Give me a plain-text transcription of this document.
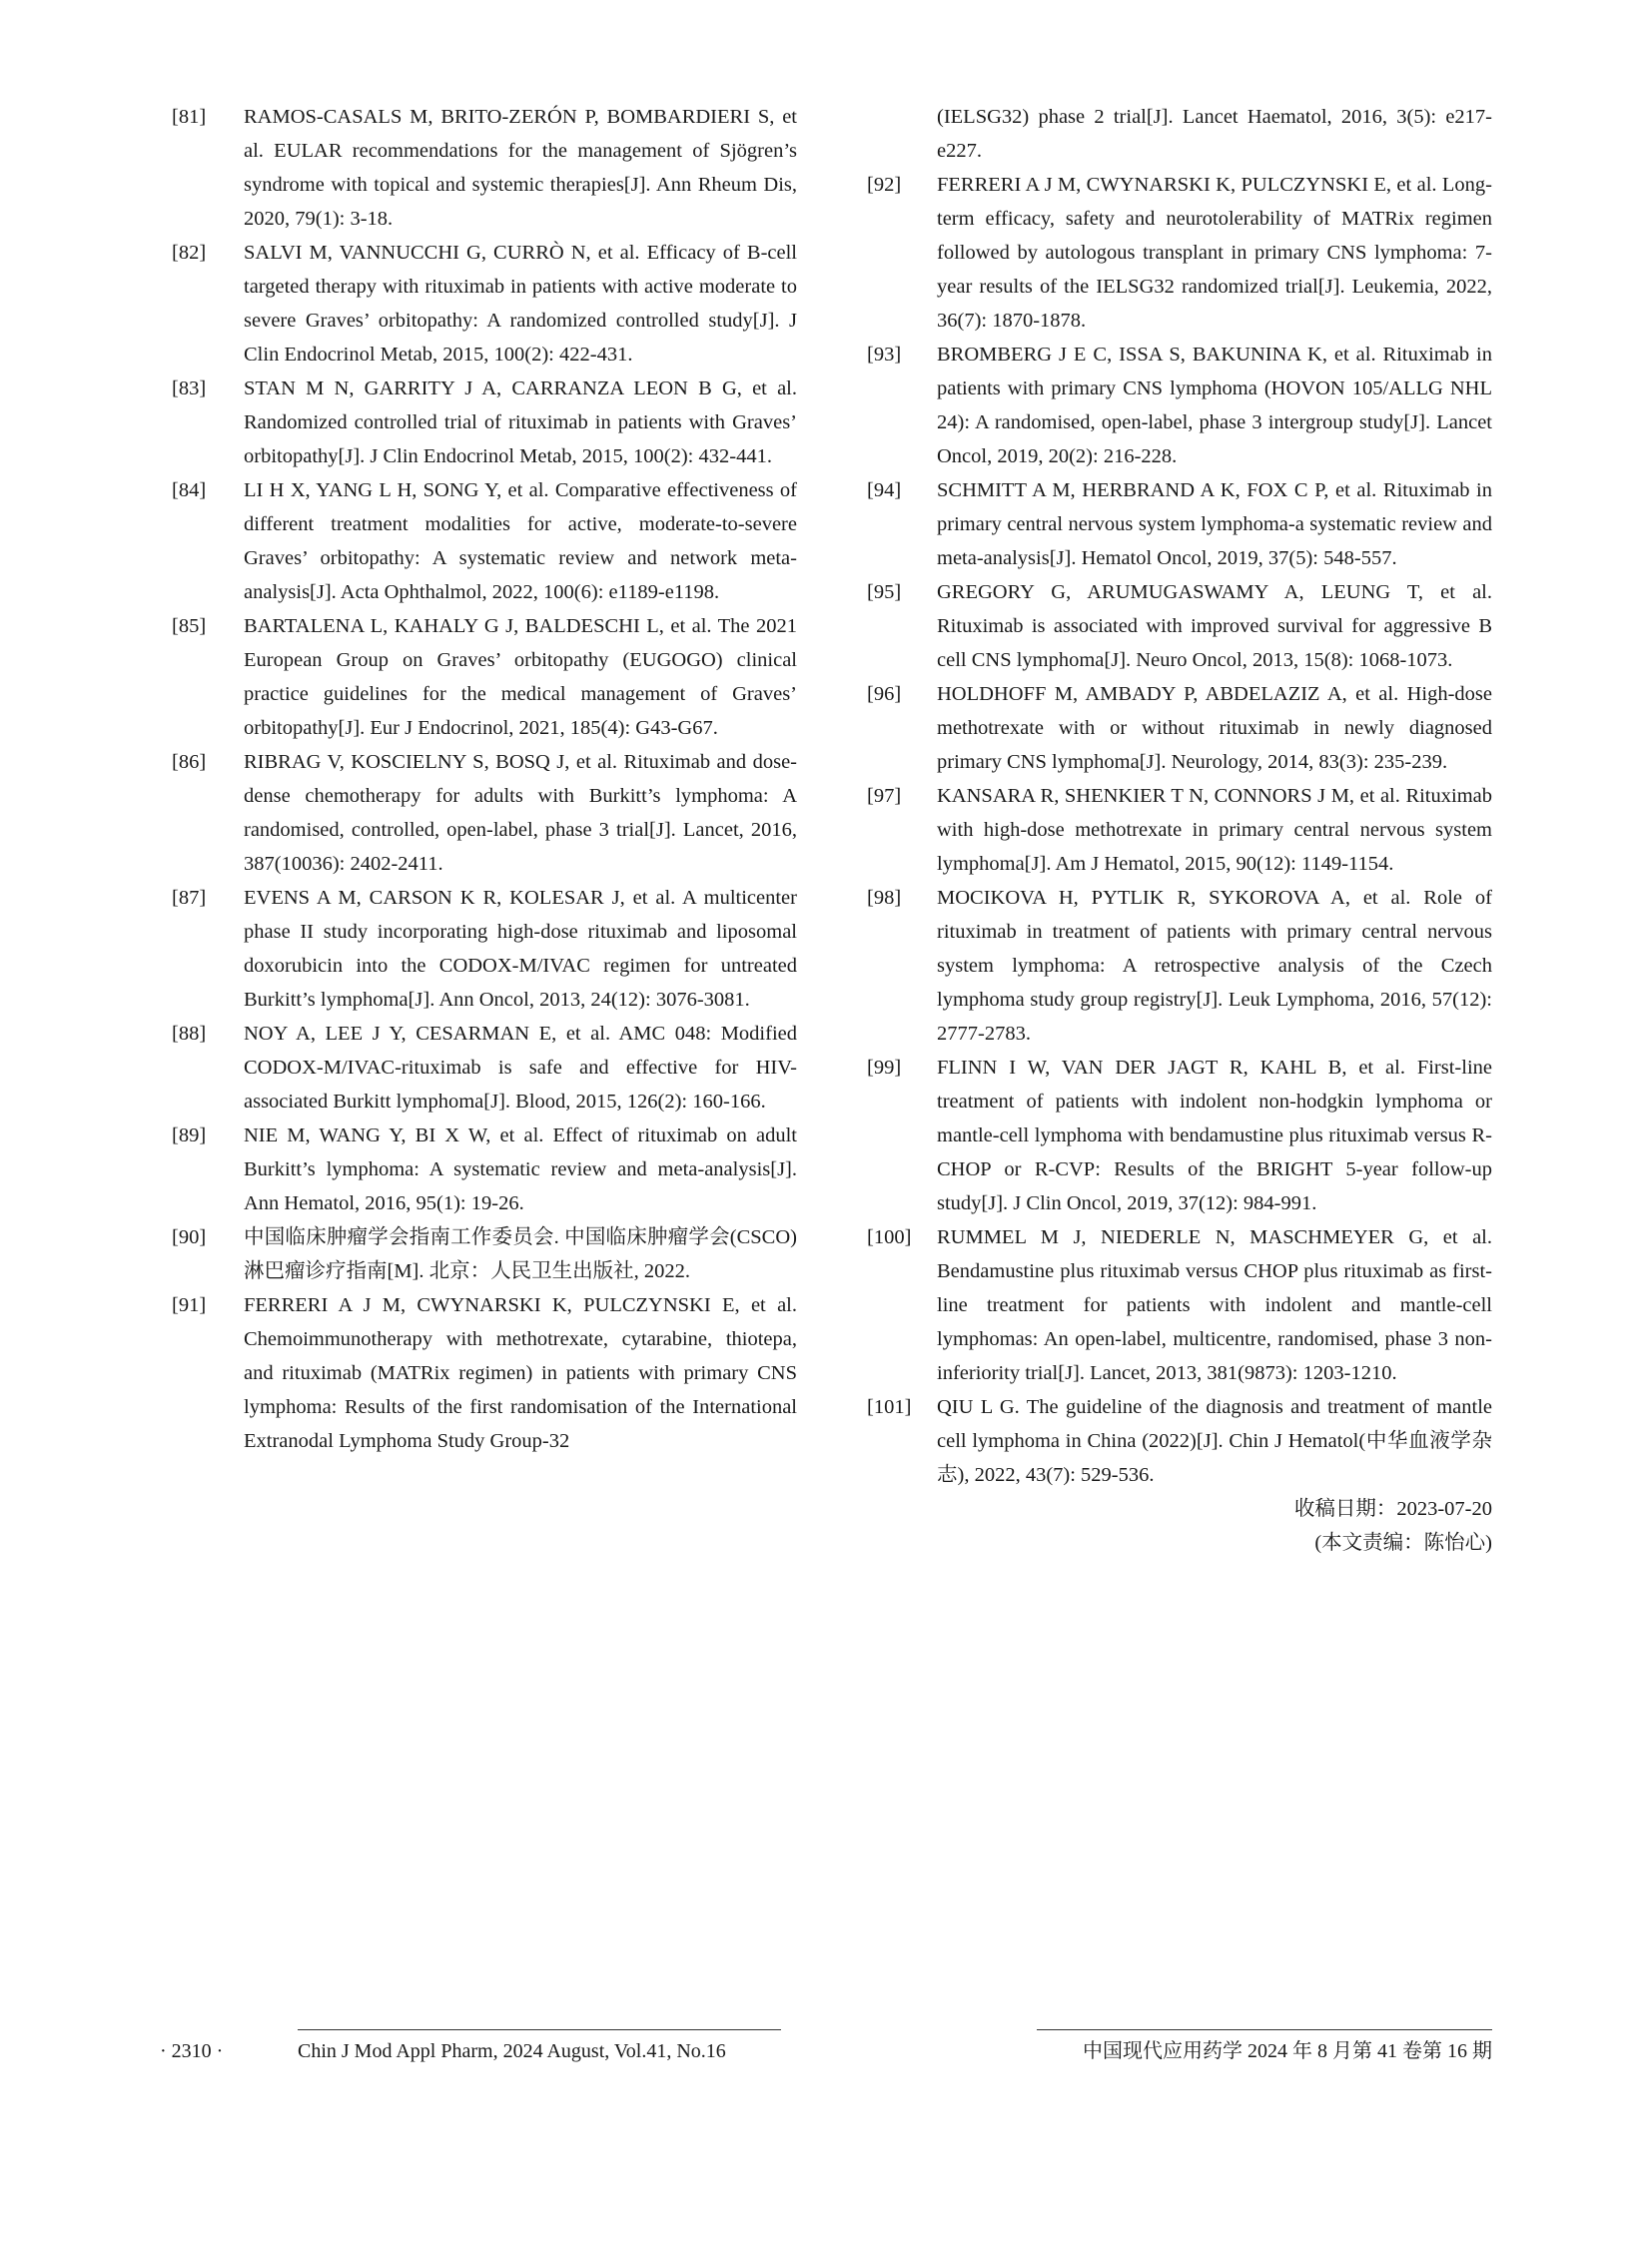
[81] RAMOS-CASALS M, BRITO-ZERÓN P, BOMBARDIERI S, et al. EULAR recommendations for the management of Sjögren’s syndrome with topical and systemic therapies[J]. Ann Rheum Dis, 2020, 79(1): 3-18.
[82] SALVI M, VANNUCCHI G, CURRÒ N, et al. Efficacy of B-cell targeted therapy with rituximab in patients with active moderate to severe Graves’ orbitopathy: A randomized controlled study[J]. J Clin Endocrinol Metab, 2015, 100(2): 422-431.
[83] STAN M N, GARRITY J A, CARRANZA LEON B G, et al. Randomized controlled trial of rituximab in patients with Graves’ orbitopathy[J]. J Clin Endocrinol Metab, 2015, 100(2): 432-441.
[84] LI H X, YANG L H, SONG Y, et al. Comparative effectiveness of different treatment modalities for active, moderate-to-severe Graves’ orbitopathy: A systematic review and network meta-analysis[J]. Acta Ophthalmol, 2022, 100(6): e1189-e1198.
[85] BARTALENA L, KAHALY G J, BALDESCHI L, et al. The 2021 European Group on Graves’ orbitopathy (EUGOGO) clinical practice guidelines for the medical management of Graves’ orbitopathy[J]. Eur J Endocrinol, 2021, 185(4): G43-G67.
[86] RIBRAG V, KOSCIELNY S, BOSQ J, et al. Rituximab and dose-dense chemotherapy for adults with Burkitt’s lymphoma: A randomised, controlled, open-label, phase 3 trial[J]. Lancet, 2016, 387(10036): 2402-2411.
[87] EVENS A M, CARSON K R, KOLESAR J, et al. A multicenter phase II study incorporating high-dose rituximab and liposomal doxorubicin into the CODOX-M/IVAC regimen for untreated Burkitt’s lymphoma[J]. Ann Oncol, 2013, 24(12): 3076-3081.
[88] NOY A, LEE J Y, CESARMAN E, et al. AMC 048: Modified CODOX-M/IVAC-rituximab is safe and effective for HIV-associated Burkitt lymphoma[J]. Blood, 2015, 126(2): 160-166.
[89] NIE M, WANG Y, BI X W, et al. Effect of rituximab on adult Burkitt’s lymphoma: A systematic review and meta-analysis[J]. Ann Hematol, 2016, 95(1): 19-26.
[90] 中国临床肿瘤学会指南工作委员会. 中国临床肿瘤学会(CSCO) 淋巴瘤诊疗指南[M]. 北京：人民卫生出版社, 2022.
[91] FERRERI A J M, CWYNARSKI K, PULCZYNSKI E, et al. Chemoimmunotherapy with methotrexate, cytarabine, thiotepa, and rituximab (MATRix regimen) in patients with primary CNS lymphoma: Results of the first randomisation of the International Extranodal Lymphoma Study Group-32
(IELSG32) phase 2 trial[J]. Lancet Haematol, 2016, 3(5): e217-e227.
[92] FERRERI A J M, CWYNARSKI K, PULCZYNSKI E, et al. Long-term efficacy, safety and neurotolerability of MATRix regimen followed by autologous transplant in primary CNS lymphoma: 7-year results of the IELSG32 randomized trial[J]. Leukemia, 2022, 36(7): 1870-1878.
[93] BROMBERG J E C, ISSA S, BAKUNINA K, et al. Rituximab in patients with primary CNS lymphoma (HOVON 105/ALLG NHL 24): A randomised, open-label, phase 3 intergroup study[J]. Lancet Oncol, 2019, 20(2): 216-228.
[94] SCHMITT A M, HERBRAND A K, FOX C P, et al. Rituximab in primary central nervous system lymphoma-a systematic review and meta-analysis[J]. Hematol Oncol, 2019, 37(5): 548-557.
[95] GREGORY G, ARUMUGASWAMY A, LEUNG T, et al. Rituximab is associated with improved survival for aggressive B cell CNS lymphoma[J]. Neuro Oncol, 2013, 15(8): 1068-1073.
[96] HOLDHOFF M, AMBADY P, ABDELAZIZ A, et al. High-dose methotrexate with or without rituximab in newly diagnosed primary CNS lymphoma[J]. Neurology, 2014, 83(3): 235-239.
[97] KANSARA R, SHENKIER T N, CONNORS J M, et al. Rituximab with high-dose methotrexate in primary central nervous system lymphoma[J]. Am J Hematol, 2015, 90(12): 1149-1154.
[98] MOCIKOVA H, PYTLIK R, SYKOROVA A, et al. Role of rituximab in treatment of patients with primary central nervous system lymphoma: A retrospective analysis of the Czech lymphoma study group registry[J]. Leuk Lymphoma, 2016, 57(12): 2777-2783.
[99] FLINN I W, VAN DER JAGT R, KAHL B, et al. First-line treatment of patients with indolent non-hodgkin lymphoma or mantle-cell lymphoma with bendamustine plus rituximab versus R-CHOP or R-CVP: Results of the BRIGHT 5-year follow-up study[J]. J Clin Oncol, 2019, 37(12): 984-991.
[100] RUMMEL M J, NIEDERLE N, MASCHMEYER G, et al. Bendamustine plus rituximab versus CHOP plus rituximab as first-line treatment for patients with indolent and mantle-cell lymphomas: An open-label, multicentre, randomised, phase 3 non-inferiority trial[J]. Lancet, 2013, 381(9873): 1203-1210.
[101] QIU L G. The guideline of the diagnosis and treatment of mantle cell lymphoma in China (2022)[J]. Chin J Hematol(中华血液学杂志), 2022, 43(7): 529-536.

收稿日期：2023-07-20

(本文责编：陈怡心)

· 2310 ·	Chin J Mod Appl Pharm, 2024 August, Vol.41, No.16	中国现代应用药学 2024 年 8 月第 41 卷第 16 期
